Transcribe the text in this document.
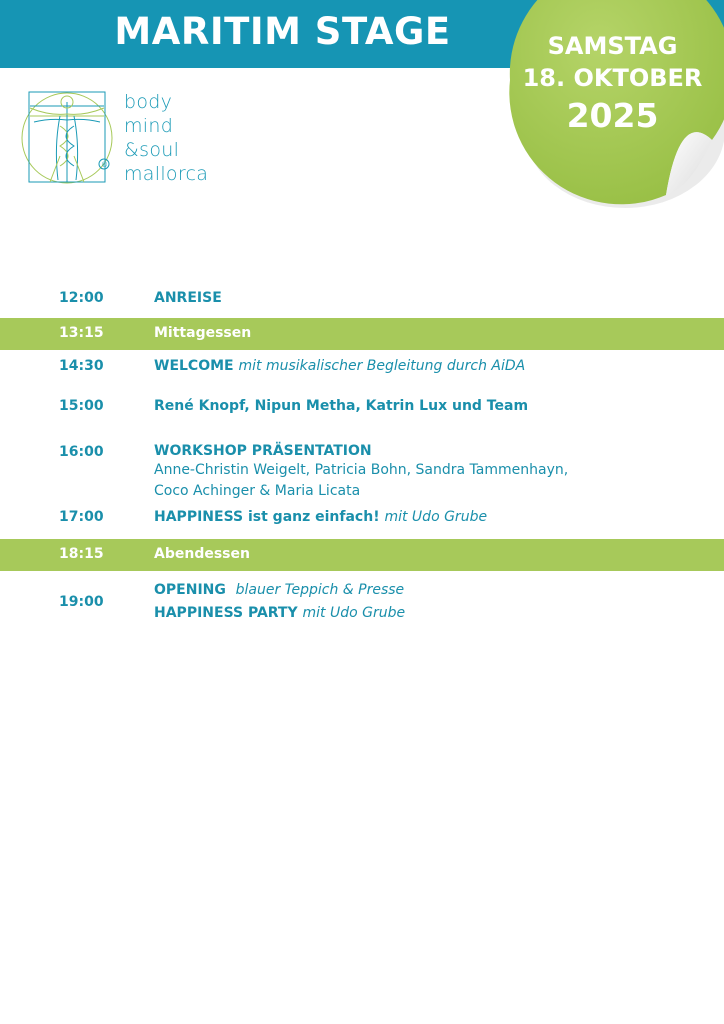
MARITIM STAGE	SAMSTAG
18. OKTOBER
2025
®
body
mind
&soul
mallorca
12:00	ANREISE
13:15	Mittagessen
14:30	WELCOME mit musikalischer Begleitung durch AiDA
15:00	René Knopf, Nipun Metha, Katrin Lux und Team
16:00	WORKSHOP PRÄSENTATION
Anne-Christin Weigelt, Patricia Bohn, Sandra Tammenhayn,
Coco Achinger & Maria Licata
17:00	HAPPINESS ist ganz einfach! mit Udo Grube
18:15	Abendessen
19:00
OPENING blauer Teppich & Presse
HAPPINESS PARTY mit Udo Grube
